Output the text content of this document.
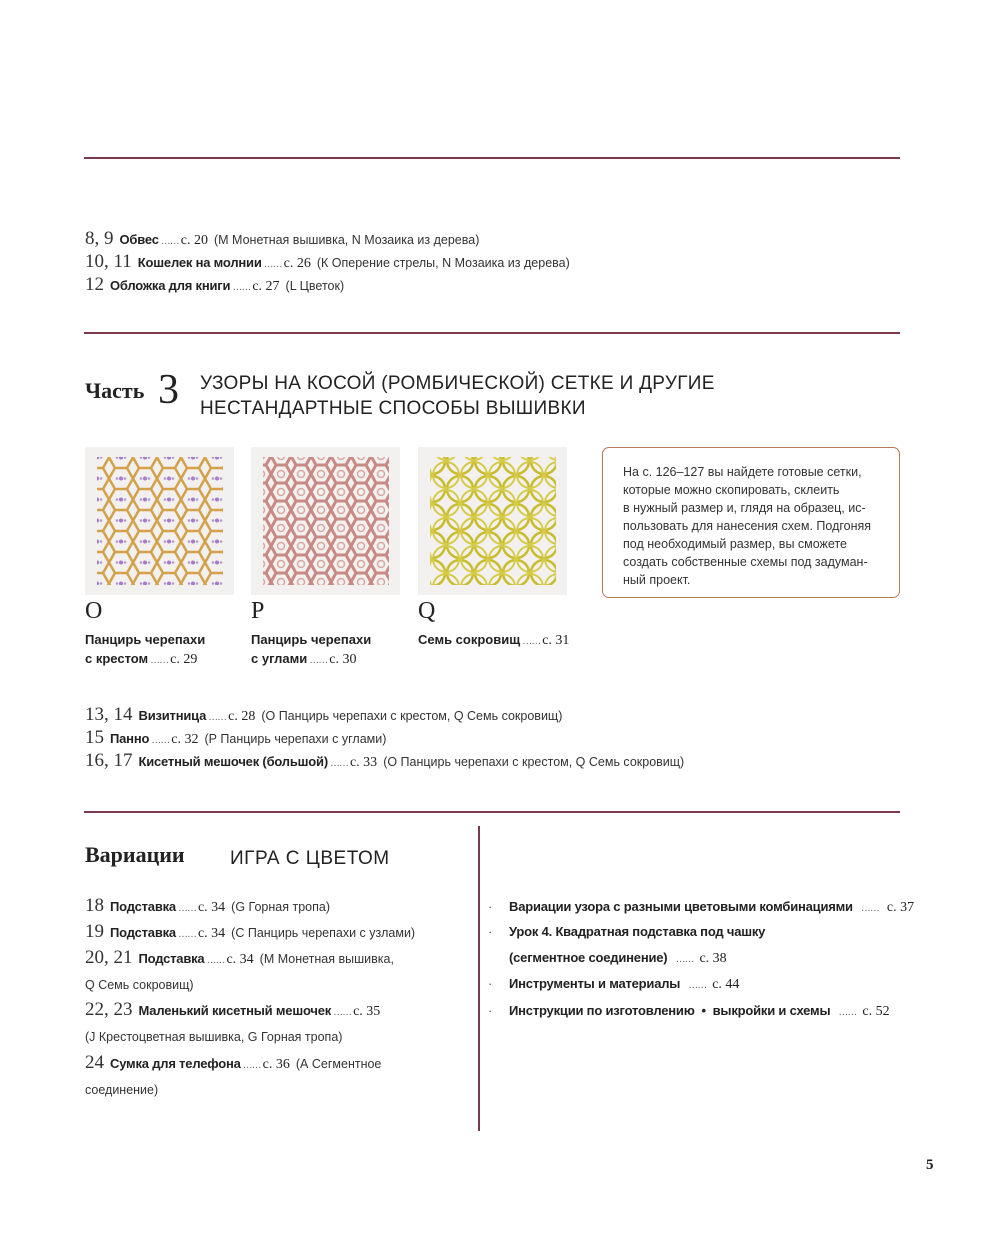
8, 9 Обвес …… с. 20 (М Монетная вышивка, N Мозаика из дерева)
10, 11 Кошелек на молнии …… с. 26 (К Оперение стрелы, N Мозаика из дерева)
12 Обложка для книги …… с. 27 (L Цветок)
Часть 3 УЗОРЫ НА КОСОЙ (РОМБИЧЕСКОЙ) СЕТКЕ И ДРУГИЕ
НЕСТАНДАРТНЫЕ СПОСОБЫ ВЫШИВКИ
O	P	Q
Панцирь черепахи
с крестом …… с. 29
Панцирь черепахи
с углами …… с. 30
Семь сокровищ …… с. 31
На с. 126–127 вы найдете готовые сетки,
которые можно скопировать, склеить
в нужный размер и, глядя на образец, ис-
пользовать для нанесения схем. Подгоняя
под необходимый размер, вы сможете
создать собственные схемы под задуман-
ный проект.
13, 14 Визитница …… с. 28 (О Панцирь черепахи с крестом, Q Семь сокровищ)
15 Панно …… с. 32 (Р Панцирь черепахи с углами)
16, 17 Кисетный мешочек (большой) …… с. 33 (О Панцирь черепахи с крестом, Q Семь сокровищ)
Вариации ИГРА С ЦВЕТОМ
18 Подставка …… с. 34 (G Горная тропа)
19 Подставка …… с. 34 (С Панцирь черепахи с узлами)
20, 21 Подставка …… с. 34 (М Монетная вышивка,
Q Семь сокровищ)
22, 23 Маленький кисетный мешочек …… с. 35
(J Крестоцветная вышивка, G Горная тропа)
24 Сумка для телефона …… с. 36 (А Сегментное
соединение)
· Вариации узора с разными цветовыми комбинациями …… с. 37
· Урок 4. Квадратная подставка под чашку
(сегментное соединение) …… с. 38
· Инструменты и материалы …… с. 44
· Инструкции по изготовлению  •  выкройки и схемы …… с. 52
5
